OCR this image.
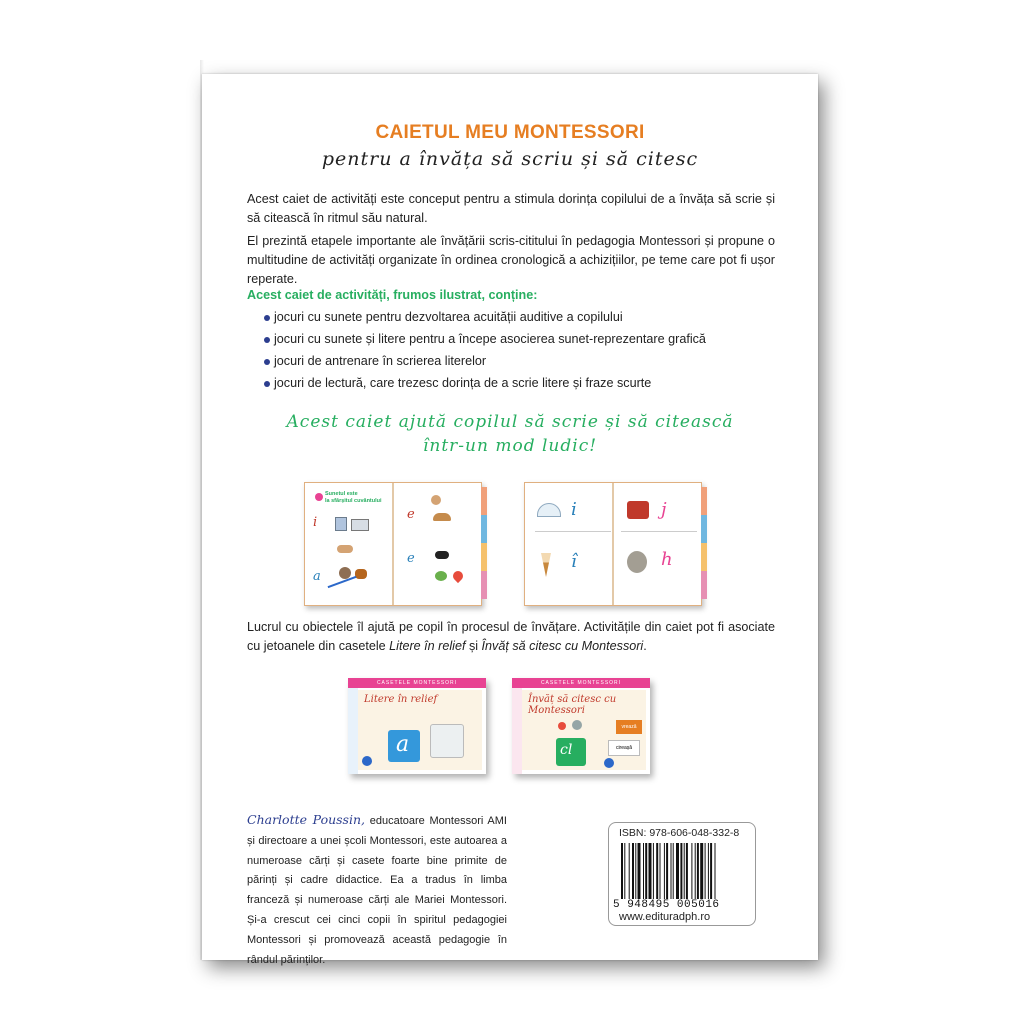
CAIETUL MEU MONTESSORI
pentru a învăța să scriu și să citesc
Acest caiet de activități este conceput pentru a stimula dorința copilului de a învăța să scrie și să citească în ritmul său natural.
El prezintă etapele importante ale învățării scris-cititului în pedagogia Montessori și propune o multitudine de activități organizate în ordinea cronologică a achizițiilor, pe teme care pot fi ușor reperate.
Acest caiet de activități, frumos ilustrat, conține:
jocuri cu sunete pentru dezvoltarea acuității auditive a copilului
jocuri cu sunete și litere pentru a începe asocierea sunet-reprezentare grafică
jocuri de antrenare în scrierea literelor
jocuri de lectură, care trezesc dorința de a scrie litere și fraze scurte
Acest caiet ajută copilul să scrie și să citească
într-un mod ludic!
Sunetul este
la sfârșitul cuvântului
i
a
e
e
i
î
j
h
Lucrul cu obiectele îl ajută pe copil în procesul de învățare. Activitățile din caiet pot fi asociate cu jetoanele din casetele Litere în relief și Învăț să citesc cu Montessori.
CASETELE MONTESSORI
Litere în relief
a
CASETELE MONTESSORI
Învăț să citesc cu Montessori
vrează
cireașă
cl
Charlotte Poussin, educatoare Montessori AMI și directoare a unei școli Montessori, este autoarea a numeroase cărți și casete foarte bine primite de părinți și cadre didactice. Ea a tradus în limba franceză și numeroase cărți ale Mariei Montessori. Și-a crescut cei cinci copii în spiritul pedagogiei Montessori și promovează această pedagogie în rândul părinților.
ISBN: 978-606-048-332-8
5 948495 005016
www.edituradph.ro
